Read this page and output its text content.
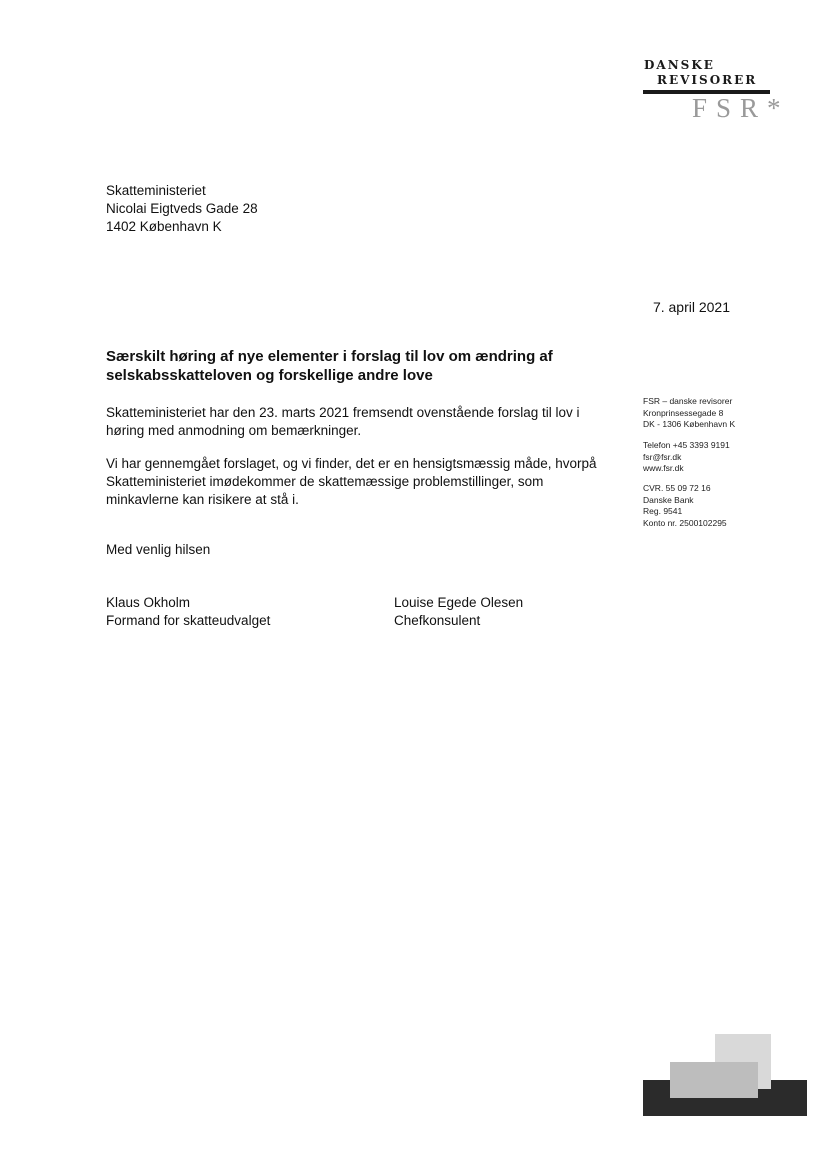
DANSKE
REVISORER
FSR*
Skatteministeriet
Nicolai Eigtveds Gade 28
1402 København K
7. april 2021
Særskilt høring af nye elementer i forslag til lov om ændring af selskabsskatteloven og forskellige andre love
Skatteministeriet har den 23. marts 2021 fremsendt ovenstående forslag til lov i høring med anmodning om bemærkninger.
Vi har gennemgået forslaget, og vi finder, det er en hensigtsmæssig måde, hvorpå Skatteministeriet imødekommer de skattemæssige problemstillinger, som minkavlerne kan risikere at stå i.
Med venlig hilsen
Klaus Okholm
Formand for skatteudvalget
Louise Egede Olesen
Chefkonsulent
FSR – danske revisorer
Kronprinsessegade 8
DK - 1306 København K
Telefon +45 3393 9191
fsr@fsr.dk
www.fsr.dk
CVR. 55 09 72 16
Danske Bank
Reg. 9541
Konto nr. 2500102295
